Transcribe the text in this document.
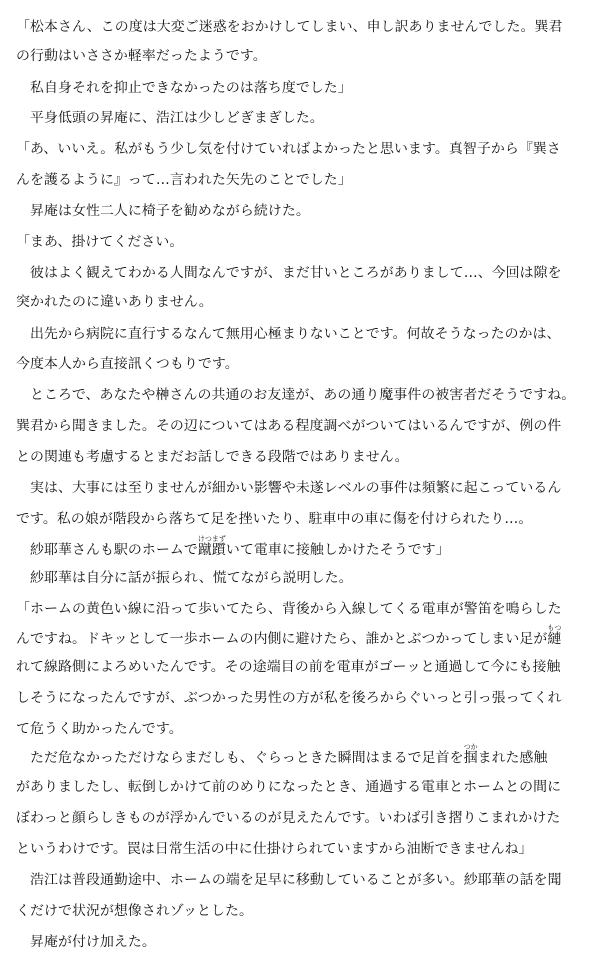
「松本さん、この度は大変ご迷惑をおかけしてしまい、申し訳ありませんでした。巽君
の行動はいささか軽率だったようです。
　私自身それを抑止できなかったのは落ち度でした」
　平身低頭の昇庵に、浩江は少しどぎまぎした。
「あ、いいえ。私がもう少し気を付けていればよかったと思います。真智子から『巽さ
んを護るように』って…言われた矢先のことでした」
　昇庵は女性二人に椅子を勧めながら続けた。
「まあ、掛けてください。
　彼はよく観えてわかる人間なんですが、まだ甘いところがありまして…、今回は隙を
突かれたのに違いありません。
　出先から病院に直行するなんて無用心極まりないことです。何故そうなったのかは、
今度本人から直接訊くつもりです。
　ところで、あなたや榊さんの共通のお友達が、あの通り魔事件の被害者だそうですね。
巽君から聞きました。その辺についてはある程度調べがついてはいるんですが、例の件
との関連も考慮するとまだお話しできる段階ではありません。
　実は、大事には至りませんが細かい影響や未遂レベルの事件は頻繁に起こっているん
です。私の娘が階段から落ちて足を挫いたり、駐車中の車に傷を付けられたり…。
　紗耶華さんも駅のホームで蹴躓けつまずいて電車に接触しかけたそうです」
　紗耶華は自分に話が振られ、慌てながら説明した。
「ホームの黄色い線に沿って歩いてたら、背後から入線してくる電車が警笛を鳴らした
んですね。ドキッとして一歩ホームの内側に避けたら、誰かとぶつかってしまい足が縺もつ
れて線路側によろめいたんです。その途端目の前を電車がゴーッと通過して今にも接触
しそうになったんですが、ぶつかった男性の方が私を後ろからぐいっと引っ張ってくれ
て危うく助かったんです。
　ただ危なかっただけならまだしも、ぐらっときた瞬間はまるで足首を掴つかまれた感触
がありましたし、転倒しかけて前のめりになったとき、通過する電車とホームとの間に
ぼわっと顔らしきものが浮かんでいるのが見えたんです。いわば引き摺りこまれかけた
というわけです。罠は日常生活の中に仕掛けられていますから油断できませんね」
　浩江は普段通勤途中、ホームの端を足早に移動していることが多い。紗耶華の話を聞
くだけで状況が想像されゾッとした。
　昇庵が付け加えた。
